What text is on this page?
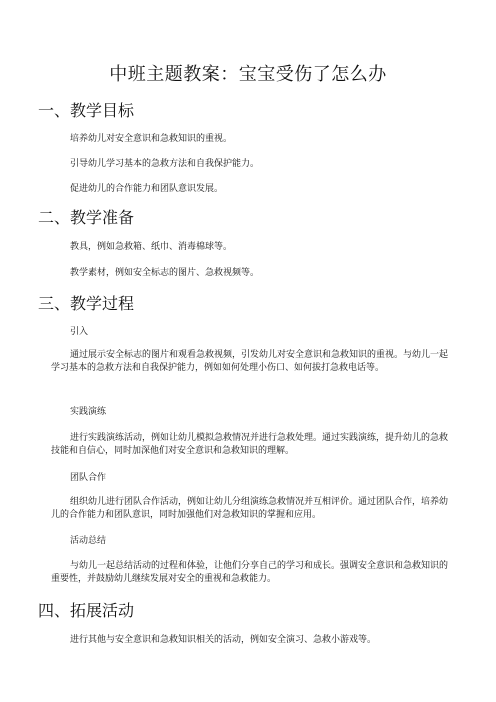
中班主题教案：宝宝受伤了怎么办
一、教学目标

培养幼儿对安全意识和急救知识的重视。

引导幼儿学习基本的急救方法和自我保护能力。

促进幼儿的合作能力和团队意识发展。

二、教学准备

教具，例如急救箱、纸巾、消毒棉球等。

教学素材，例如安全标志的图片、急救视频等。

三、教学过程

引入

通过展示安全标志的图片和观看急救视频，引发幼儿对安全意识和急救知识的重视。与幼儿一起学习基本的急救方法和自我保护能力，例如如何处理小伤口、如何拔打急救电话等。

实践演练

进行实践演练活动，例如让幼儿模拟急救情况并进行急救处理。通过实践演练，提升幼儿的急救技能和自信心，同时加深他们对安全意识和急救知识的理解。

团队合作

组织幼儿进行团队合作活动，例如让幼儿分组演练急救情况并互相评价。通过团队合作，培养幼儿的合作能力和团队意识，同时加强他们对急救知识的掌握和应用。

活动总结

与幼儿一起总结活动的过程和体验，让他们分享自己的学习和成长。强调安全意识和急救知识的重要性，并鼓励幼儿继续发展对安全的重视和急救能力。

四、拓展活动

进行其他与安全意识和急救知识相关的活动，例如安全演习、急救小游戏等。
